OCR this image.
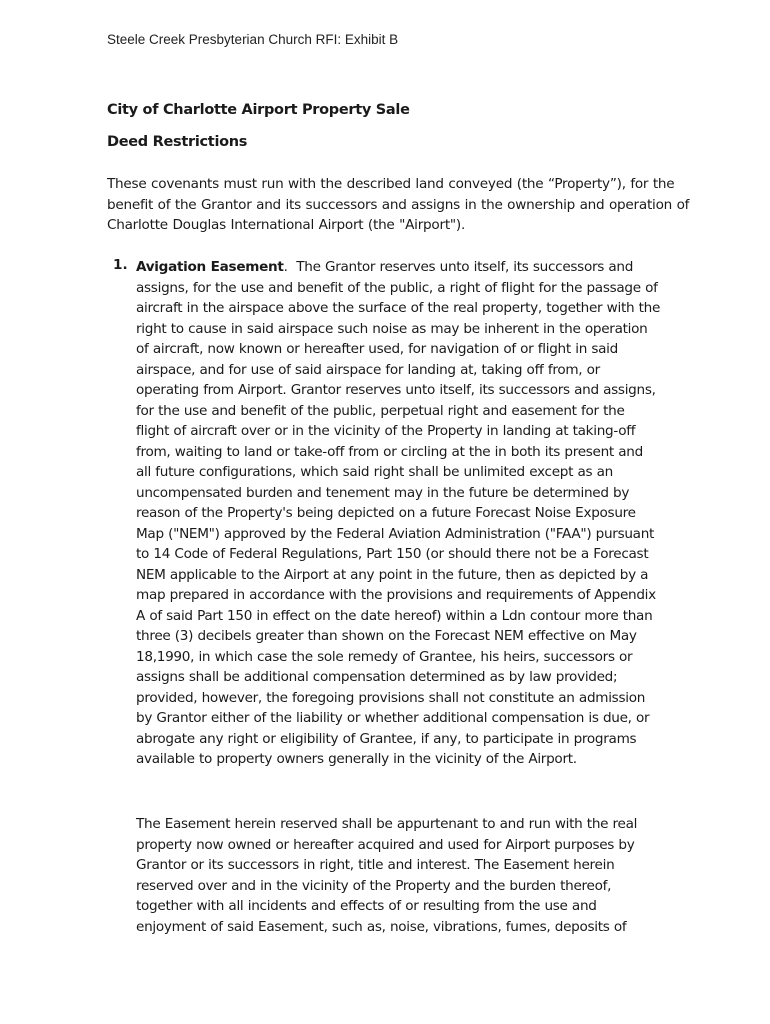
Steele Creek Presbyterian Church RFI: Exhibit B
City of Charlotte Airport Property Sale
Deed Restrictions
These covenants must run with the described land conveyed (the “Property”), for the benefit of the Grantor and its successors and assigns in the ownership and operation of Charlotte Douglas International Airport (the "Airport").
1. Avigation Easement. The Grantor reserves unto itself, its successors and assigns, for the use and benefit of the public, a right of flight for the passage of aircraft in the airspace above the surface of the real property, together with the right to cause in said airspace such noise as may be inherent in the operation of aircraft, now known or hereafter used, for navigation of or flight in said airspace, and for use of said airspace for landing at, taking off from, or operating from Airport. Grantor reserves unto itself, its successors and assigns, for the use and benefit of the public, perpetual right and easement for the flight of aircraft over or in the vicinity of the Property in landing at taking-off from, waiting to land or take-off from or circling at the in both its present and all future configurations, which said right shall be unlimited except as an uncompensated burden and tenement may in the future be determined by reason of the Property's being depicted on a future Forecast Noise Exposure Map ("NEM") approved by the Federal Aviation Administration ("FAA") pursuant to 14 Code of Federal Regulations, Part 150 (or should there not be a Forecast NEM applicable to the Airport at any point in the future, then as depicted by a map prepared in accordance with the provisions and requirements of Appendix A of said Part 150 in effect on the date hereof) within a Ldn contour more than three (3) decibels greater than shown on the Forecast NEM effective on May 18,1990, in which case the sole remedy of Grantee, his heirs, successors or assigns shall be additional compensation determined as by law provided; provided, however, the foregoing provisions shall not constitute an admission by Grantor either of the liability or whether additional compensation is due, or abrogate any right or eligibility of Grantee, if any, to participate in programs available to property owners generally in the vicinity of the Airport.
The Easement herein reserved shall be appurtenant to and run with the real property now owned or hereafter acquired and used for Airport purposes by Grantor or its successors in right, title and interest. The Easement herein reserved over and in the vicinity of the Property and the burden thereof, together with all incidents and effects of or resulting from the use and enjoyment of said Easement, such as, noise, vibrations, fumes, deposits of
